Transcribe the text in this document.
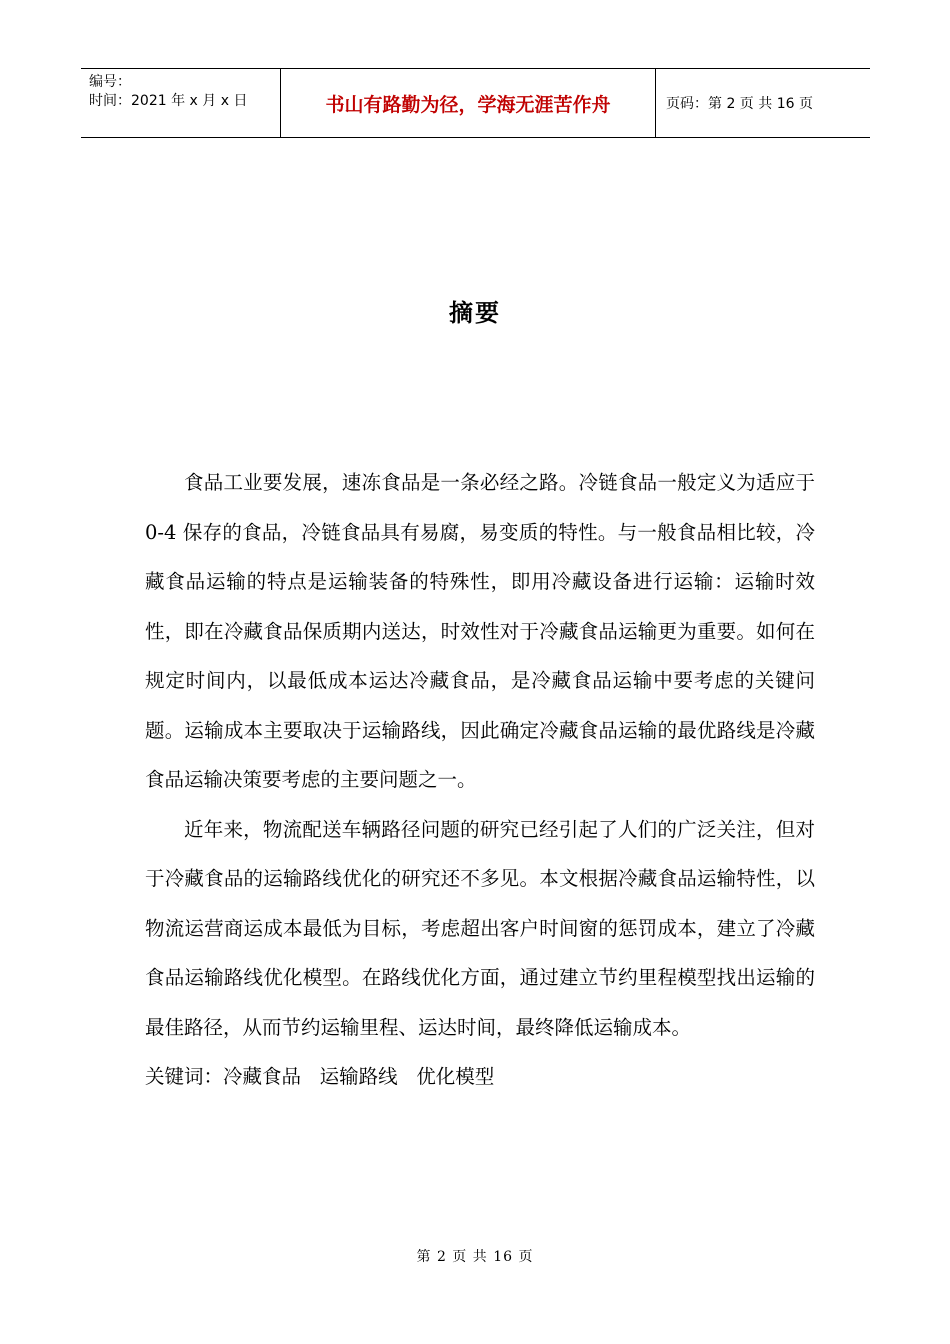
编号：
时间：2021 年 x 月 x 日	书山有路勤为径，学海无涯苦作舟	页码：第 2 页 共 16 页
摘要

食品工业要发展，速冻食品是一条必经之路。冷链食品一般定义为适应于 0-4 保存的食品，冷链食品具有易腐，易变质的特性。与一般食品相比较，冷藏食品运输的特点是运输装备的特殊性，即用冷藏设备进行运输：运输时效性，即在冷藏食品保质期内送达，时效性对于冷藏食品运输更为重要。如何在规定时间内，以最低成本运达冷藏食品，是冷藏食品运输中要考虑的关键问题。运输成本主要取决于运输路线，因此确定冷藏食品运输的最优路线是冷藏食品运输决策要考虑的主要问题之一。

近年来，物流配送车辆路径问题的研究已经引起了人们的广泛关注，但对于冷藏食品的运输路线优化的研究还不多见。本文根据冷藏食品运输特性，以物流运营商运成本最低为目标，考虑超出客户时间窗的惩罚成本，建立了冷藏食品运输路线优化模型。在路线优化方面，通过建立节约里程模型找出运输的最佳路径，从而节约运输里程、运达时间，最终降低运输成本。

关键词：冷藏食品   运输路线   优化模型

第 2 页 共 16 页
